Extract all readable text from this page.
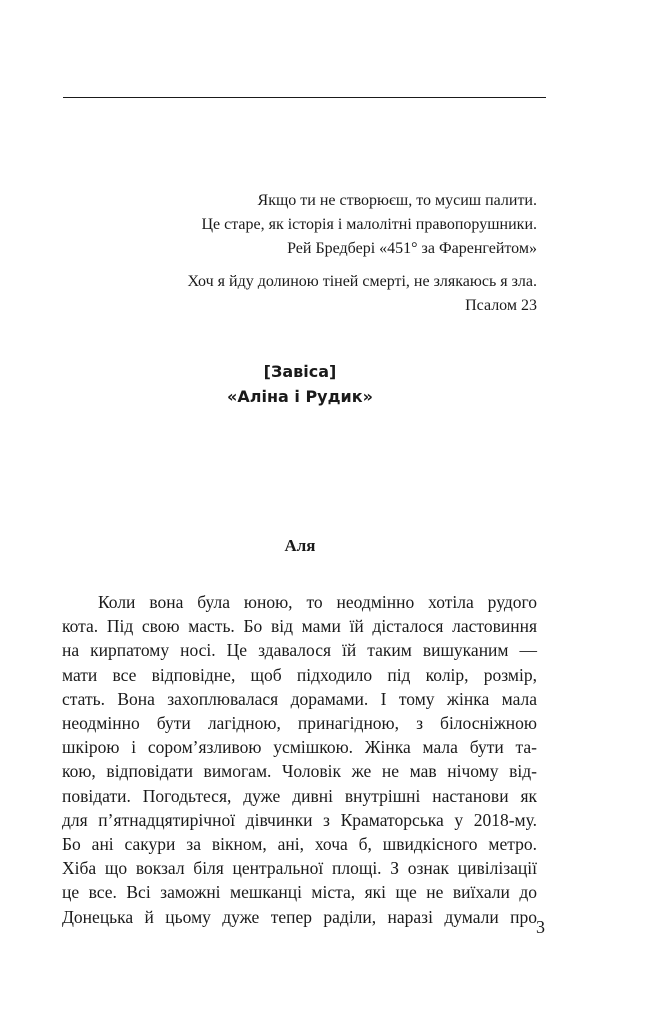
Якщо ти не створюєш, то мусиш палити.
Це старе, як історія і малолітні правопорушники.
Рей Бредбері «451° за Фаренгейтом»
Хоч я йду долиною тіней смерті, не злякаюсь я зла.
Псалом 23
[Завіса]
«Аліна і Рудик»
Аля
Коли вона була юною, то неодмінно хотіла рудого
кота. Під свою масть. Бо від мами їй дісталося ластовиння
на кирпатому носі. Це здавалося їй таким вишуканим —
мати все відповідне, щоб підходило під колір, розмір,
стать. Вона захоплювалася дорамами. І тому жінка мала
неодмінно бути лагідною, принагідною, з білосніжною
шкірою і сором’язливою усмішкою. Жінка мала бути та-
кою, відповідати вимогам. Чоловік же не мав нічому від-
повідати. Погодьтеся, дуже дивні внутрішні настанови як
для п’ятнадцятирічної дівчинки з Краматорська у 2018-му.
Бо ані сакури за вікном, ані, хоча б, швидкісного метро.
Хіба що вокзал біля центральної площі. З ознак цивілізації
це все. Всі заможні мешканці міста, які ще не виїхали до
Донецька й цьому дуже тепер раділи, наразі думали про
3
